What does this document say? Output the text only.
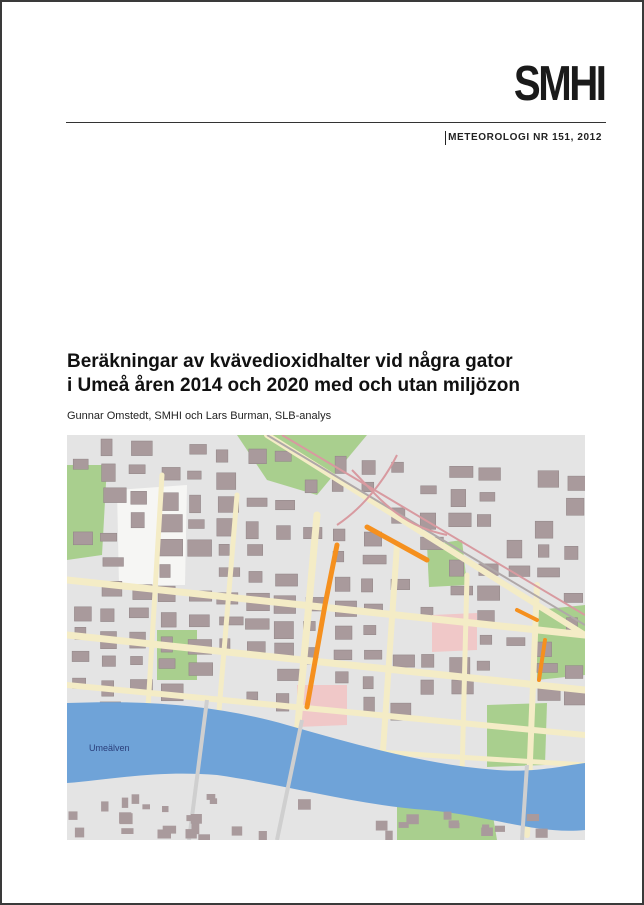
SMHI
METEOROLOGI NR 151, 2012
Beräkningar av kvävedioxidhalter vid några gator
i Umeå åren 2014 och 2020 med och utan miljözon
Gunnar Omstedt, SMHI och Lars Burman, SLB-analys
Umeälven
